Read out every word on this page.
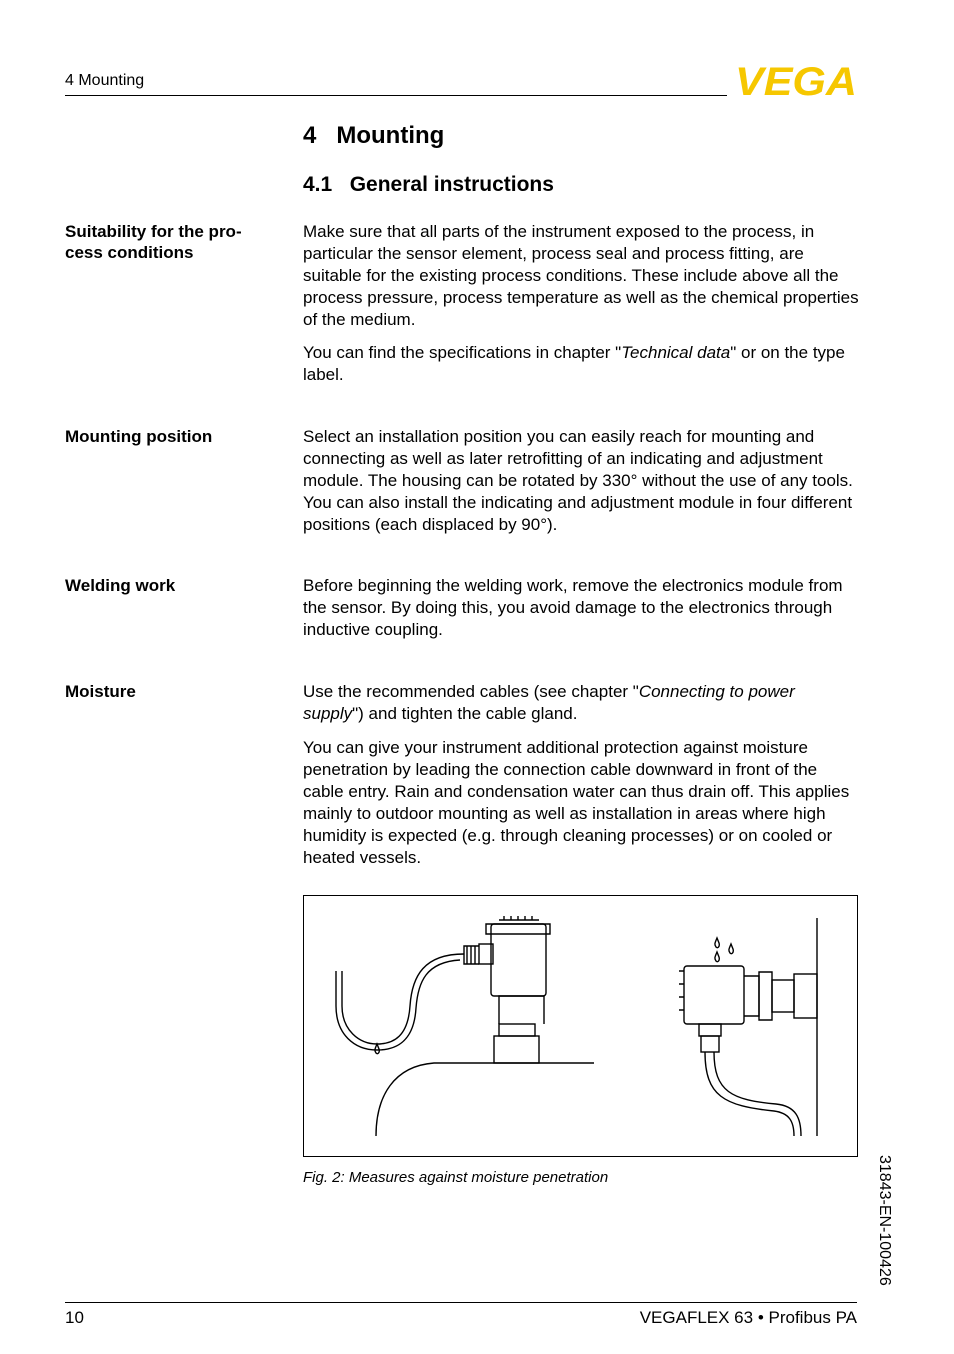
4 Mounting	VEGA
4   Mounting
4.1   General instructions
Suitability for the pro-
cess conditions
Make sure that all parts of the instrument exposed to the process, in particular the sensor element, process seal and process fitting, are suitable for the existing process conditions. These include above all the process pressure, process temperature as well as the chemical properties of the medium.
You can find the specifications in chapter "Technical data" or on the type label.
Mounting position	Select an installation position you can easily reach for mounting and connecting as well as later retrofitting of an indicating and adjustment module. The housing can be rotated by 330° without the use of any tools. You can also install the indicating and adjustment module in four different positions (each displaced by 90°).
Welding work	Before beginning the welding work, remove the electronics module from the sensor. By doing this, you avoid damage to the electronics through inductive coupling.
Moisture	Use the recommended cables (see chapter "Connecting to power supply") and tighten the cable gland.
You can give your instrument additional protection against moisture penetration by leading the connection cable downward in front of the cable entry. Rain and condensation water can thus drain off. This applies mainly to outdoor mounting as well as installation in areas where high humidity is expected (e.g. through cleaning processes) or on cooled or heated vessels.
Fig. 2: Measures against moisture penetration	31843-EN-100426
10	VEGAFLEX 63 • Profibus PA
